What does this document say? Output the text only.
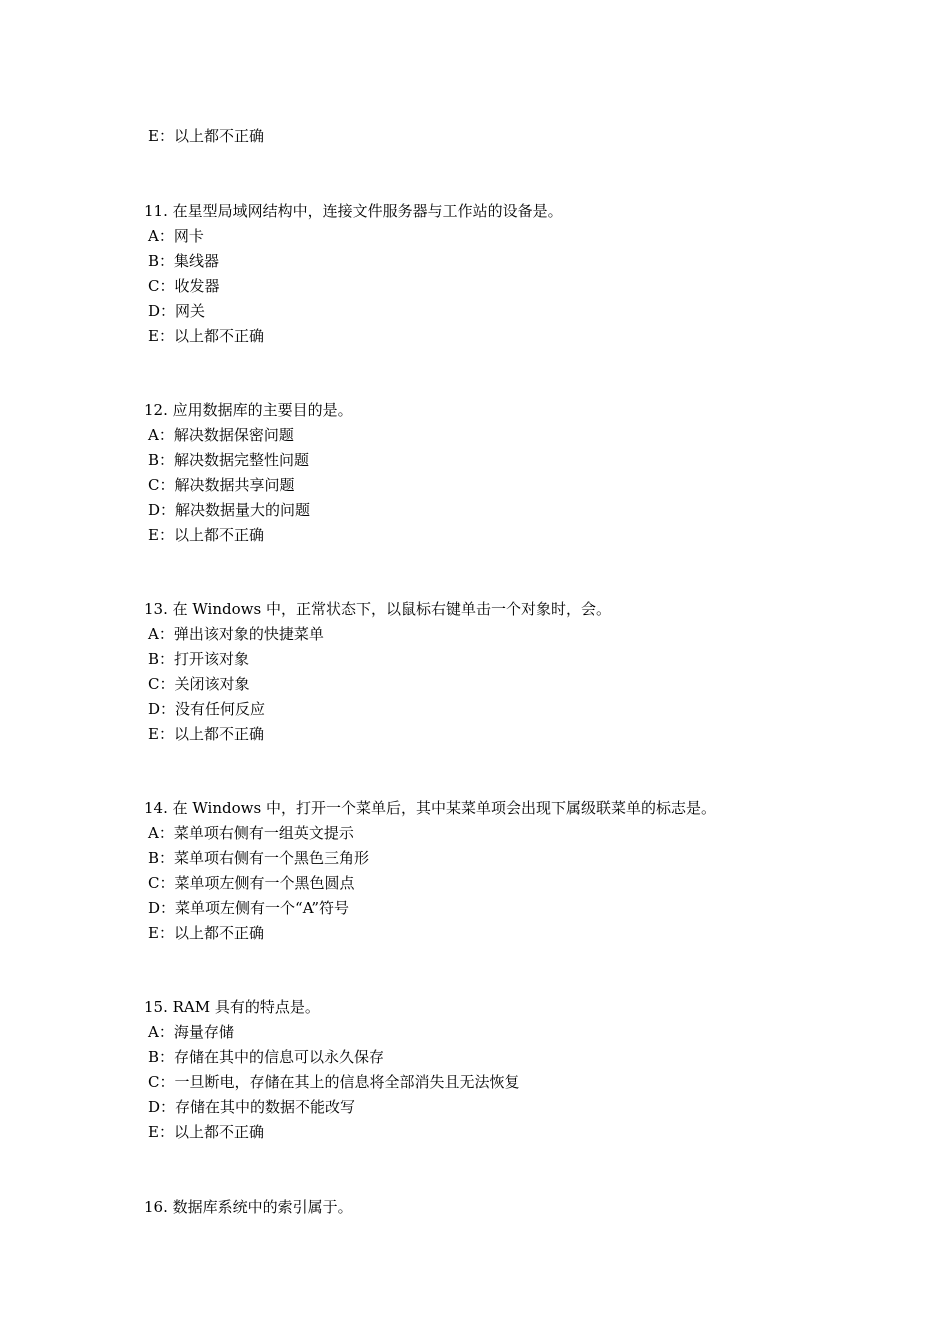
E：以上都不正确
11. 在星型局域网结构中，连接文件服务器与工作站的设备是。
A：网卡
B：集线器
C：收发器
D：网关
E：以上都不正确
12. 应用数据库的主要目的是。
A：解决数据保密问题
B：解决数据完整性问题
C：解决数据共享问题
D：解决数据量大的问题
E：以上都不正确
13. 在 Windows 中，正常状态下，以鼠标右键单击一个对象时，会。
A：弹出该对象的快捷菜单
B：打开该对象
C：关闭该对象
D：没有任何反应
E：以上都不正确
14. 在 Windows 中，打开一个菜单后，其中某菜单项会出现下属级联菜单的标志是。
A：菜单项右侧有一组英文提示
B：菜单项右侧有一个黑色三角形
C：菜单项左侧有一个黑色圆点
D：菜单项左侧有一个“A”符号
E：以上都不正确
15. RAM 具有的特点是。
A：海量存储
B：存储在其中的信息可以永久保存
C：一旦断电，存储在其上的信息将全部消失且无法恢复
D：存储在其中的数据不能改写
E：以上都不正确
16. 数据库系统中的索引属于。
